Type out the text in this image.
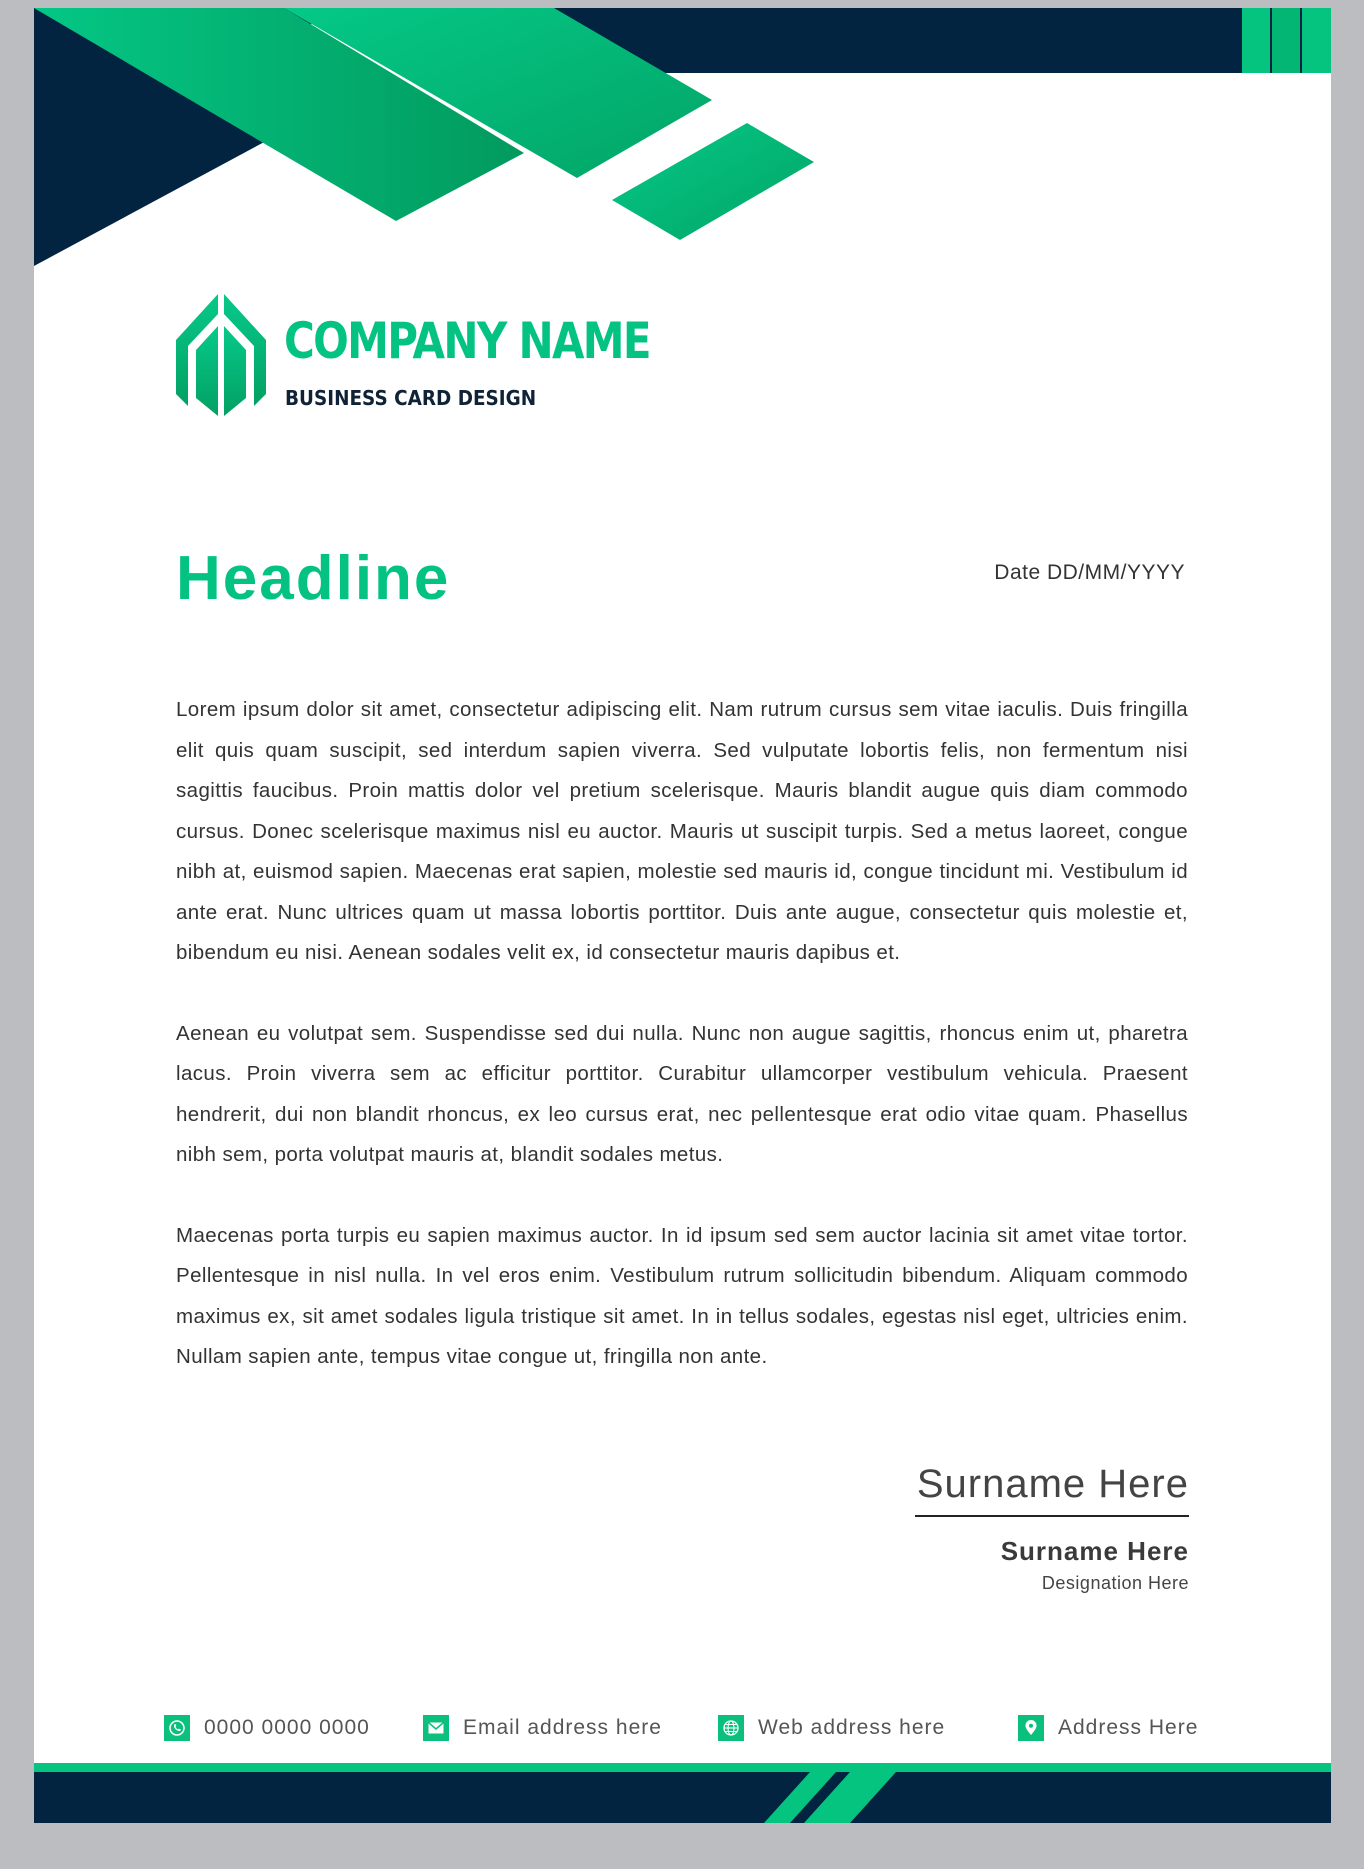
COMPANY NAME
BUSINESS CARD DESIGN
Headline	Date DD/MM/YYYY

Lorem ipsum dolor sit amet, consectetur adipiscing elit. Nam rutrum cursus sem vitae iaculis. Duis fringilla elit quis quam suscipit, sed interdum sapien viverra. Sed vulputate lobortis felis, non fermentum nisi sagittis faucibus. Proin mattis dolor vel pretium scelerisque. Mauris blandit augue quis diam commodo cursus. Donec scelerisque maximus nisl eu auctor. Mauris ut suscipit turpis. Sed a metus laoreet, congue nibh at, euismod sapien. Maecenas erat sapien, molestie sed mauris id, congue tincidunt mi. Vestibulum id ante erat. Nunc ultrices quam ut massa lobortis porttitor. Duis ante augue, consectetur quis molestie et, bibendum eu nisi. Aenean sodales velit ex, id consectetur mauris dapibus et.

Aenean eu volutpat sem. Suspendisse sed dui nulla. Nunc non augue sagittis, rhoncus enim ut, pharetra lacus. Proin viverra sem ac efficitur porttitor. Curabitur ullamcorper vestibulum vehicula. Praesent hendrerit, dui non blandit rhoncus, ex leo cursus erat, nec pellentesque erat odio vitae quam. Phasellus nibh sem, porta volutpat mauris at, blandit sodales metus.

Maecenas porta turpis eu sapien maximus auctor. In id ipsum sed sem auctor lacinia sit amet vitae tortor. Pellentesque in nisl nulla. In vel eros enim. Vestibulum rutrum sollicitudin bibendum. Aliquam commodo maximus ex, sit amet sodales ligula tristique sit amet. In in tellus sodales, egestas nisl eget, ultricies enim. Nullam sapien ante, tempus vitae congue ut, fringilla non ante.

Surname Here
Surname Here
Designation Here
0000 0000 0000	Email address here	Web address here	Address Here
